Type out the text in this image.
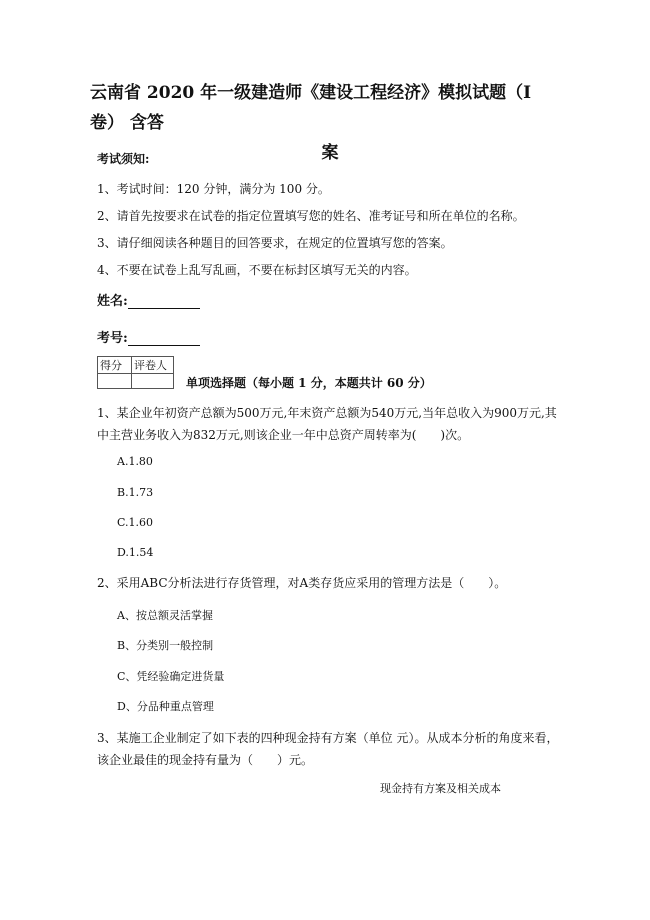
云南省 2020 年一级建造师《建设工程经济》模拟试题（I 卷） 含答
案
考试须知:
1、考试时间：120 分钟，满分为 100 分。
2、请首先按要求在试卷的指定位置填写您的姓名、准考证号和所在单位的名称。
3、请仔细阅读各种题目的回答要求，在规定的位置填写您的答案。
4、不要在试卷上乱写乱画，不要在标封区填写无关的内容。
姓名:
考号:
得分	评卷人

单项选择题（每小题 1 分，本题共计 60 分）
1、某企业年初资产总额为500万元,年末资产总额为540万元,当年总收入为900万元,其中主营业务收入为832万元,则该企业一年中总资产周转率为(　　)次。
A.1.80
B.1.73
C.1.60
D.1.54
2、采用ABC分析法进行存货管理，对A类存货应采用的管理方法是（　　）。
A、按总额灵活掌握
B、分类别一般控制
C、凭经验确定进货量
D、分品种重点管理
3、某施工企业制定了如下表的四种现金持有方案（单位 元）。从成本分析的角度来看，该企业最佳的现金持有量为（　　）元。
现金持有方案及相关成本
